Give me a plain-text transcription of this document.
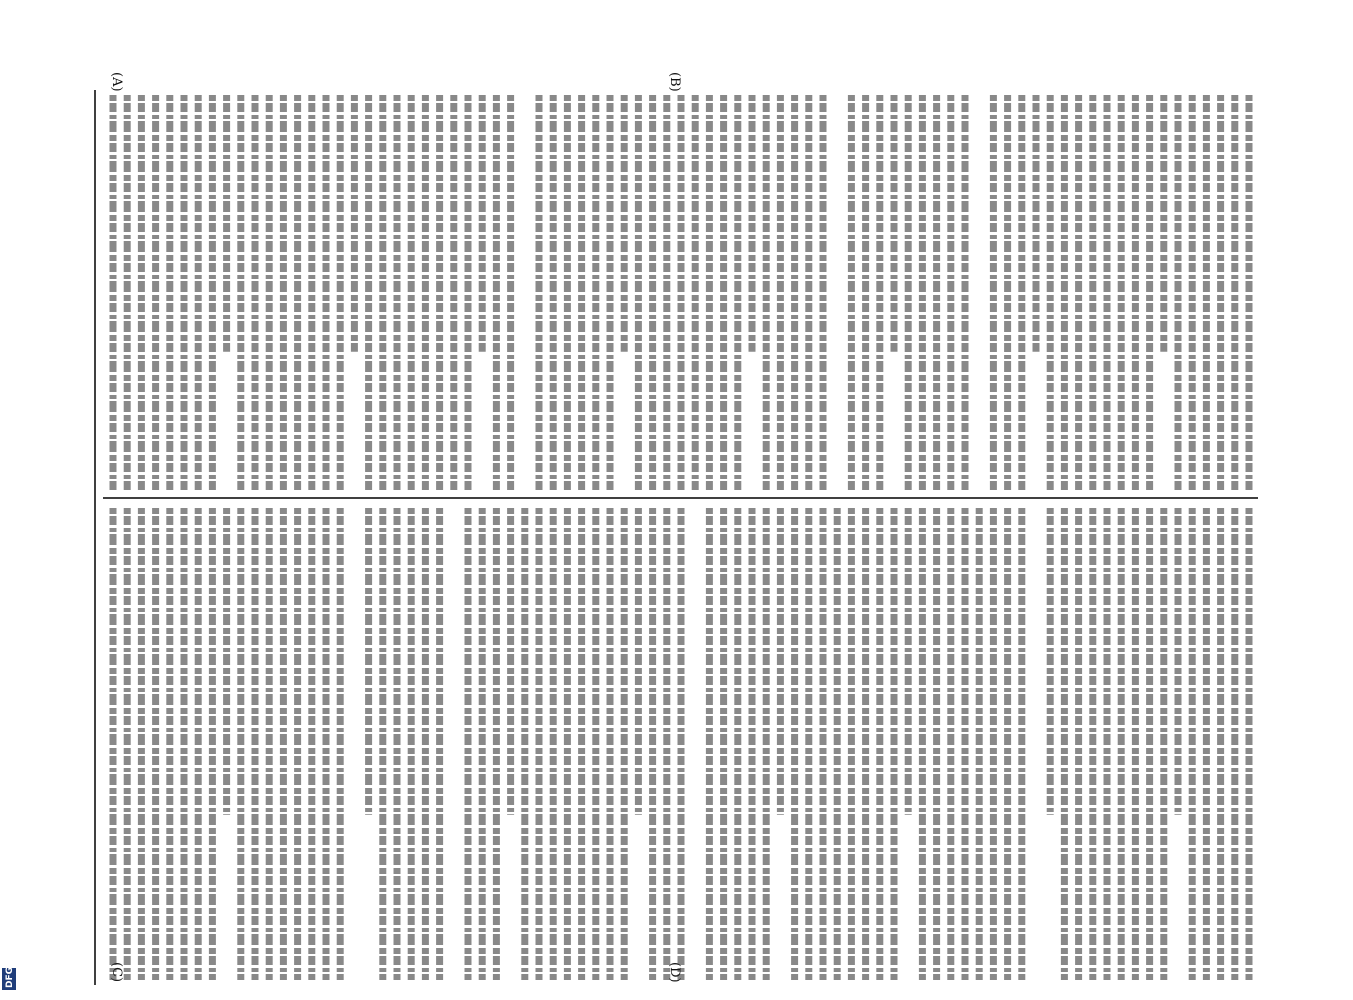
(A)	(B)
(C)	(D)
DFG
